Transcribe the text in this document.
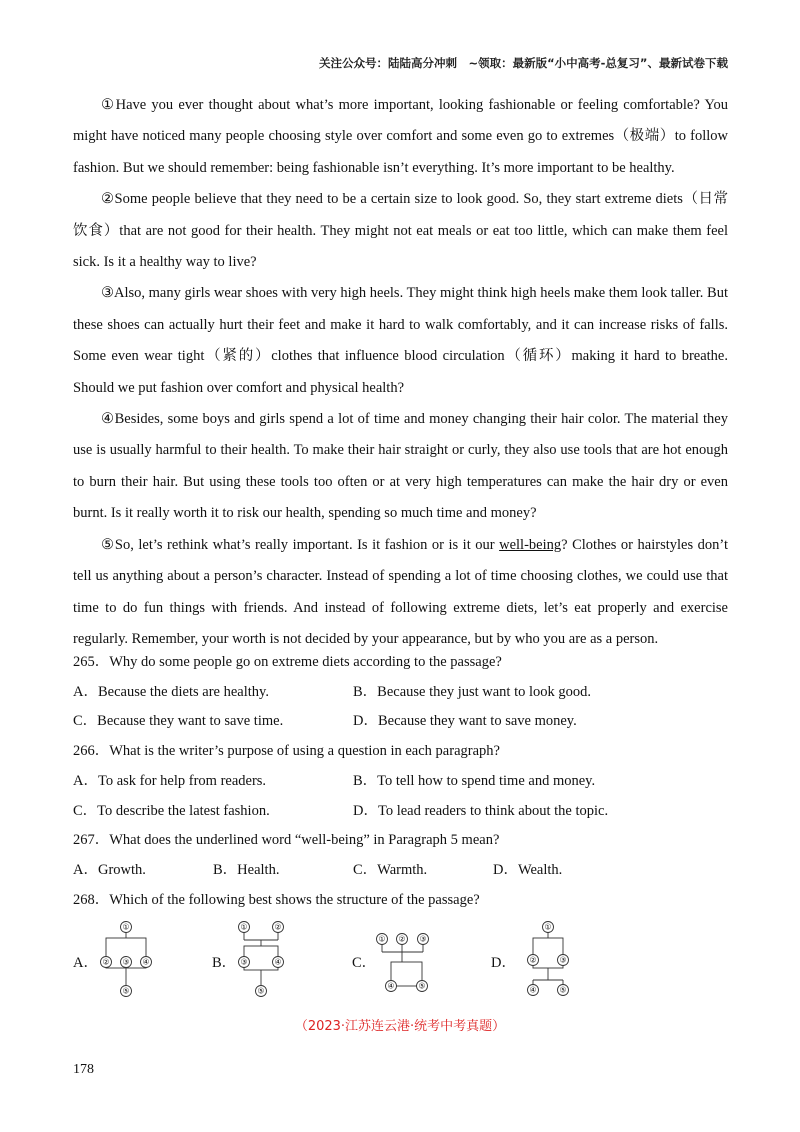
关注公众号：陆陆高分冲刺　~领取：最新版“小中高考-总复习”、最新试卷下载

①Have you ever thought about what’s more important, looking fashionable or feeling comfortable? You might have noticed many people choosing style over comfort and some even go to extremes（极端）to follow fashion. But we should remember: being fashionable isn’t everything. It’s more important to be healthy.

②Some people believe that they need to be a certain size to look good. So, they start extreme diets（日常饮食）that are not good for their health. They might not eat meals or eat too little, which can make them feel sick. Is it a healthy way to live?

③Also, many girls wear shoes with very high heels. They might think high heels make them look taller. But these shoes can actually hurt their feet and make it hard to walk comfortably, and it can increase risks of falls. Some even wear tight（紧的）clothes that influence blood circulation（循环）making it hard to breathe. Should we put fashion over comfort and physical health?

④Besides, some boys and girls spend a lot of time and money changing their hair color. The material they use is usually harmful to their health. To make their hair straight or curly, they also use tools that are hot enough to burn their hair. But using these tools too often or at very high temperatures can make the hair dry or even burnt. Is it really worth it to risk our health, spending so much time and money?

⑤So, let’s rethink what’s really important. Is it fashion or is it our well-being? Clothes or hairstyles don’t tell us anything about a person’s character. Instead of spending a lot of time choosing clothes, we could use that time to do fun things with friends. And instead of following extreme diets, let’s eat properly and exercise regularly. Remember, your worth is not decided by your appearance, but by who you are as a person.

265．Why do some people go on extreme diets according to the passage?

A．Because the diets are healthy.	B．Because they just want to look good.
C．Because they want to save time.	D．Because they want to save money.

266．What is the writer’s purpose of using a question in each paragraph?

A．To ask for help from readers.	B．To tell how to spend time and money.
C．To describe the latest fashion.	D．To lead readers to think about the topic.

267．What does the underlined word “well-being” in Paragraph 5 mean?

A．Growth.	B．Health.	C．Warmth.	D．Wealth.

268．Which of the following best shows the structure of the passage?

A．
①
② ③ ④
⑤
B．
①	②
③	④
⑤
C．
① ② ③
④	⑤
D．
①
②	③
④	⑤
（2023·江苏连云港·统考中考真题）
178
